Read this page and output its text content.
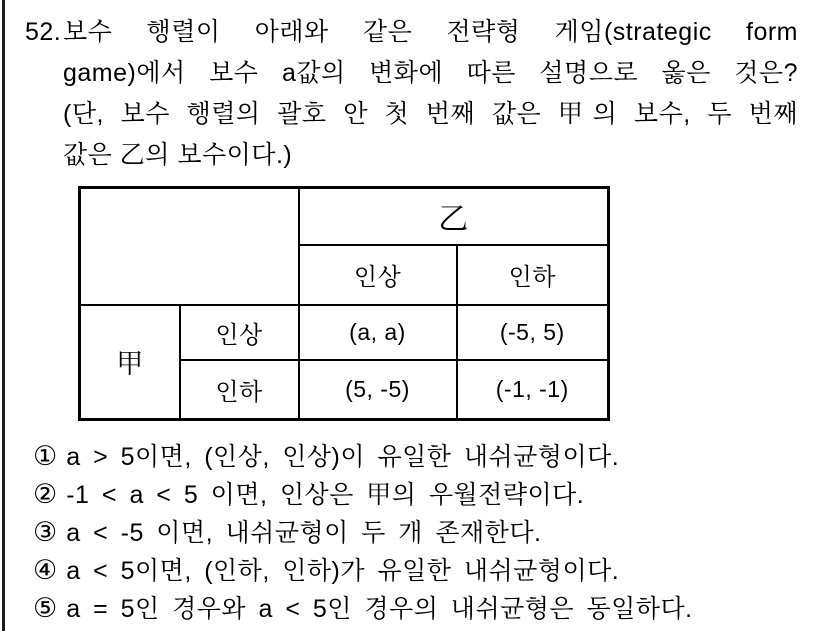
52. 보수 행렬이 아래와 같은 전략형 게임(strategic form
game)에서 보수 a값의 변화에 따른 설명으로 옳은 것은?
(단, 보수 행렬의 괄호 안 첫 번째 값은 甲의 보수, 두 번째
값은 乙의 보수이다.)
		乙	
		인상	인하
甲	인상	(a, a)	(-5, 5)
	인하	(5, -5)	(-1, -1)
① a > 5이면, (인상, 인상)이 유일한 내쉬균형이다.
② -1 < a < 5 이면, 인상은 甲의 우월전략이다.
③ a < -5 이면, 내쉬균형이 두 개 존재한다.
④ a < 5이면, (인하, 인하)가 유일한 내쉬균형이다.
⑤ a = 5인 경우와 a < 5인 경우의 내쉬균형은 동일하다.
